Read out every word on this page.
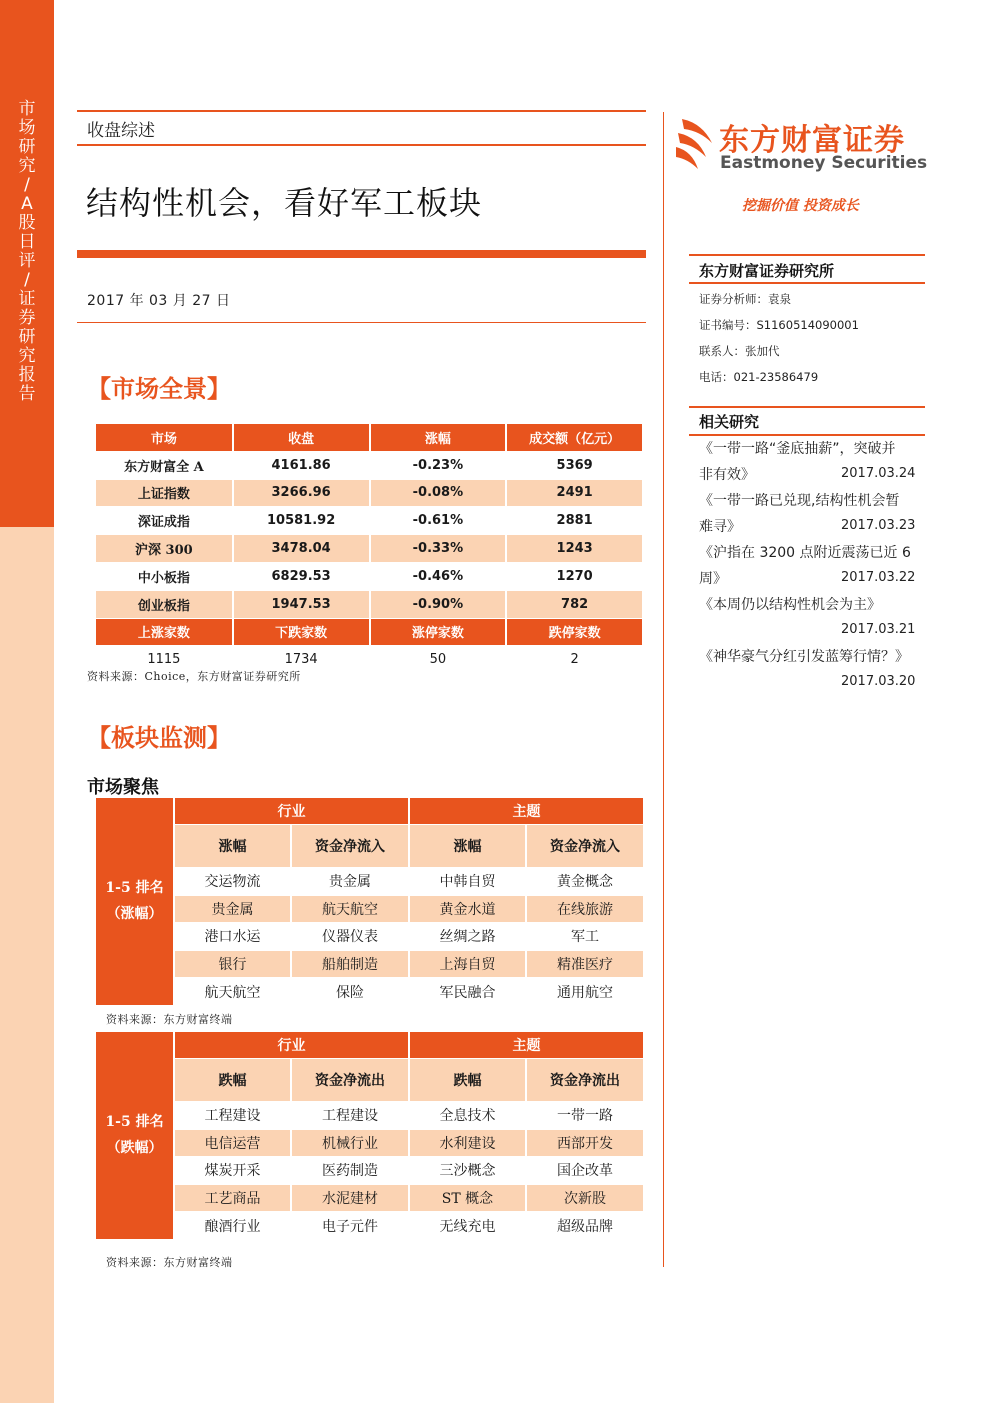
市
场
研
究
/
A
股
日
评
/
证
券
研
究
报
告
收盘综述
结构性机会，看好军工板块
2017 年 03 月 27 日
【市场全景】
市场	收盘	涨幅	成交额（亿元）
东方财富全 A	4161.86	-0.23%	5369
上证指数	3266.96	-0.08%	2491
深证成指	10581.92	-0.61%	2881
沪深 300	3478.04	-0.33%	1243
中小板指	6829.53	-0.46%	1270
创业板指	1947.53	-0.90%	782
上涨家数	下跌家数	涨停家数	跌停家数
1115	1734	50	2
资料来源：Choice，东方财富证券研究所
【板块监测】
市场聚焦
1-5 排名
（涨幅）	行业		主题	
	涨幅	资金净流入	涨幅	资金净流入
	交运物流	贵金属	中韩自贸	黄金概念
	贵金属	航天航空	黄金水道	在线旅游
	港口水运	仪器仪表	丝绸之路	军工
	银行	船舶制造	上海自贸	精准医疗
	航天航空	保险	军民融合	通用航空
资料来源：东方财富终端
1-5 排名
（跌幅）	行业		主题	
	跌幅	资金净流出	跌幅	资金净流出
	工程建设	工程建设	全息技术	一带一路
	电信运营	机械行业	水利建设	西部开发
	煤炭开采	医药制造	三沙概念	国企改革
	工艺商品	水泥建材	ST 概念	次新股
	酿酒行业	电子元件	无线充电	超级品牌
资料来源：东方财富终端
东方财富证券
Eastmoney Securities
挖掘价值 投资成长
东方财富证券研究所
证券分析师：袁泉
证书编号：S1160514090001
联系人：张加代
电话：021-23586479
相关研究
《一带一路“釜底抽薪”，突破并
非有效》	2017.03.24
《一带一路已兑现,结构性机会暂
难寻》	2017.03.23
《沪指在 3200 点附近震荡已近 6
周》	2017.03.22
《本周仍以结构性机会为主》
2017.03.21
《神华豪气分红引发蓝筹行情？》
2017.03.20
